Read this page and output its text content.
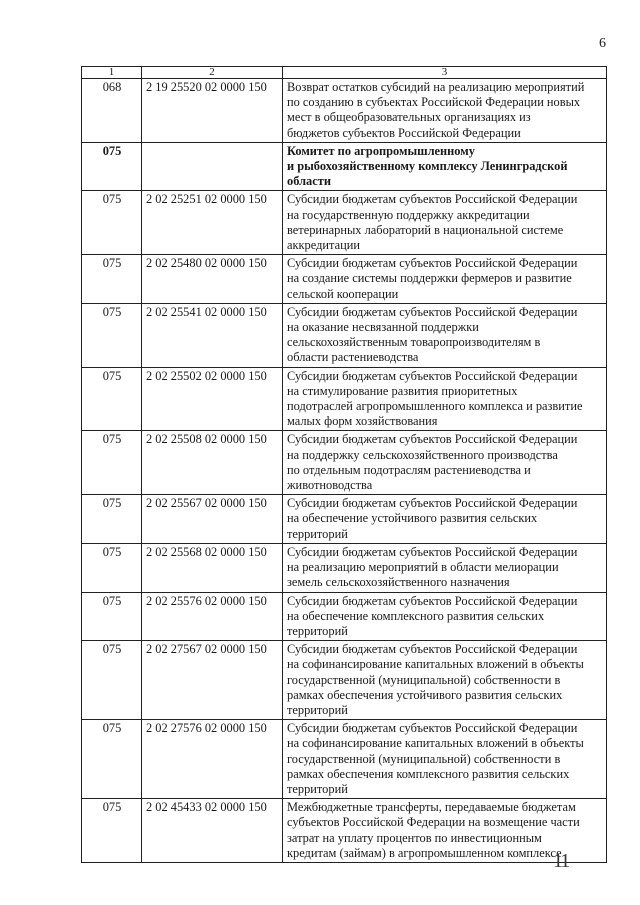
6
1	2	3
068	2 19 25520 02 0000 150	Возврат остатков субсидий на реализацию мероприятий
по созданию в субъектах Российской Федерации новых
мест в общеобразовательных организациях из
бюджетов субъектов Российской Федерации
075		Комитет по агропромышленному
и рыбохозяйственному комплексу Ленинградской
области
075	2 02 25251 02 0000 150	Субсидии бюджетам субъектов Российской Федерации
на государственную поддержку аккредитации
ветеринарных лабораторий в национальной системе
аккредитации
075	2 02 25480 02 0000 150	Субсидии бюджетам субъектов Российской Федерации
на создание системы поддержки фермеров и развитие
сельской кооперации
075	2 02 25541 02 0000 150	Субсидии бюджетам субъектов Российской Федерации
на оказание несвязанной поддержки
сельскохозяйственным товаропроизводителям в
области растениеводства
075	2 02 25502 02 0000 150	Субсидии бюджетам субъектов Российской Федерации
на стимулирование развития приоритетных
подотраслей агропромышленного комплекса и развитие
малых форм хозяйствования
075	2 02 25508 02 0000 150	Субсидии бюджетам субъектов Российской Федерации
на поддержку сельскохозяйственного производства
по отдельным подотраслям растениеводства и
животноводства
075	2 02 25567 02 0000 150	Субсидии бюджетам субъектов Российской Федерации
на обеспечение устойчивого развития сельских
территорий
075	2 02 25568 02 0000 150	Субсидии бюджетам субъектов Российской Федерации
на реализацию мероприятий в области мелиорации
земель сельскохозяйственного назначения
075	2 02 25576 02 0000 150	Субсидии бюджетам субъектов Российской Федерации
на обеспечение комплексного развития сельских
территорий
075	2 02 27567 02 0000 150	Субсидии бюджетам субъектов Российской Федерации
на софинансирование капитальных вложений в объекты
государственной (муниципальной) собственности в
рамках обеспечения устойчивого развития сельских
территорий
075	2 02 27576 02 0000 150	Субсидии бюджетам субъектов Российской Федерации
на софинансирование капитальных вложений в объекты
государственной (муниципальной) собственности в
рамках обеспечения комплексного развития сельских
территорий
075	2 02 45433 02 0000 150	Межбюджетные трансферты, передаваемые бюджетам
субъектов Российской Федерации на возмещение части
затрат на уплату процентов по инвестиционным
кредитам (займам) в агропромышленном комплексе
11
